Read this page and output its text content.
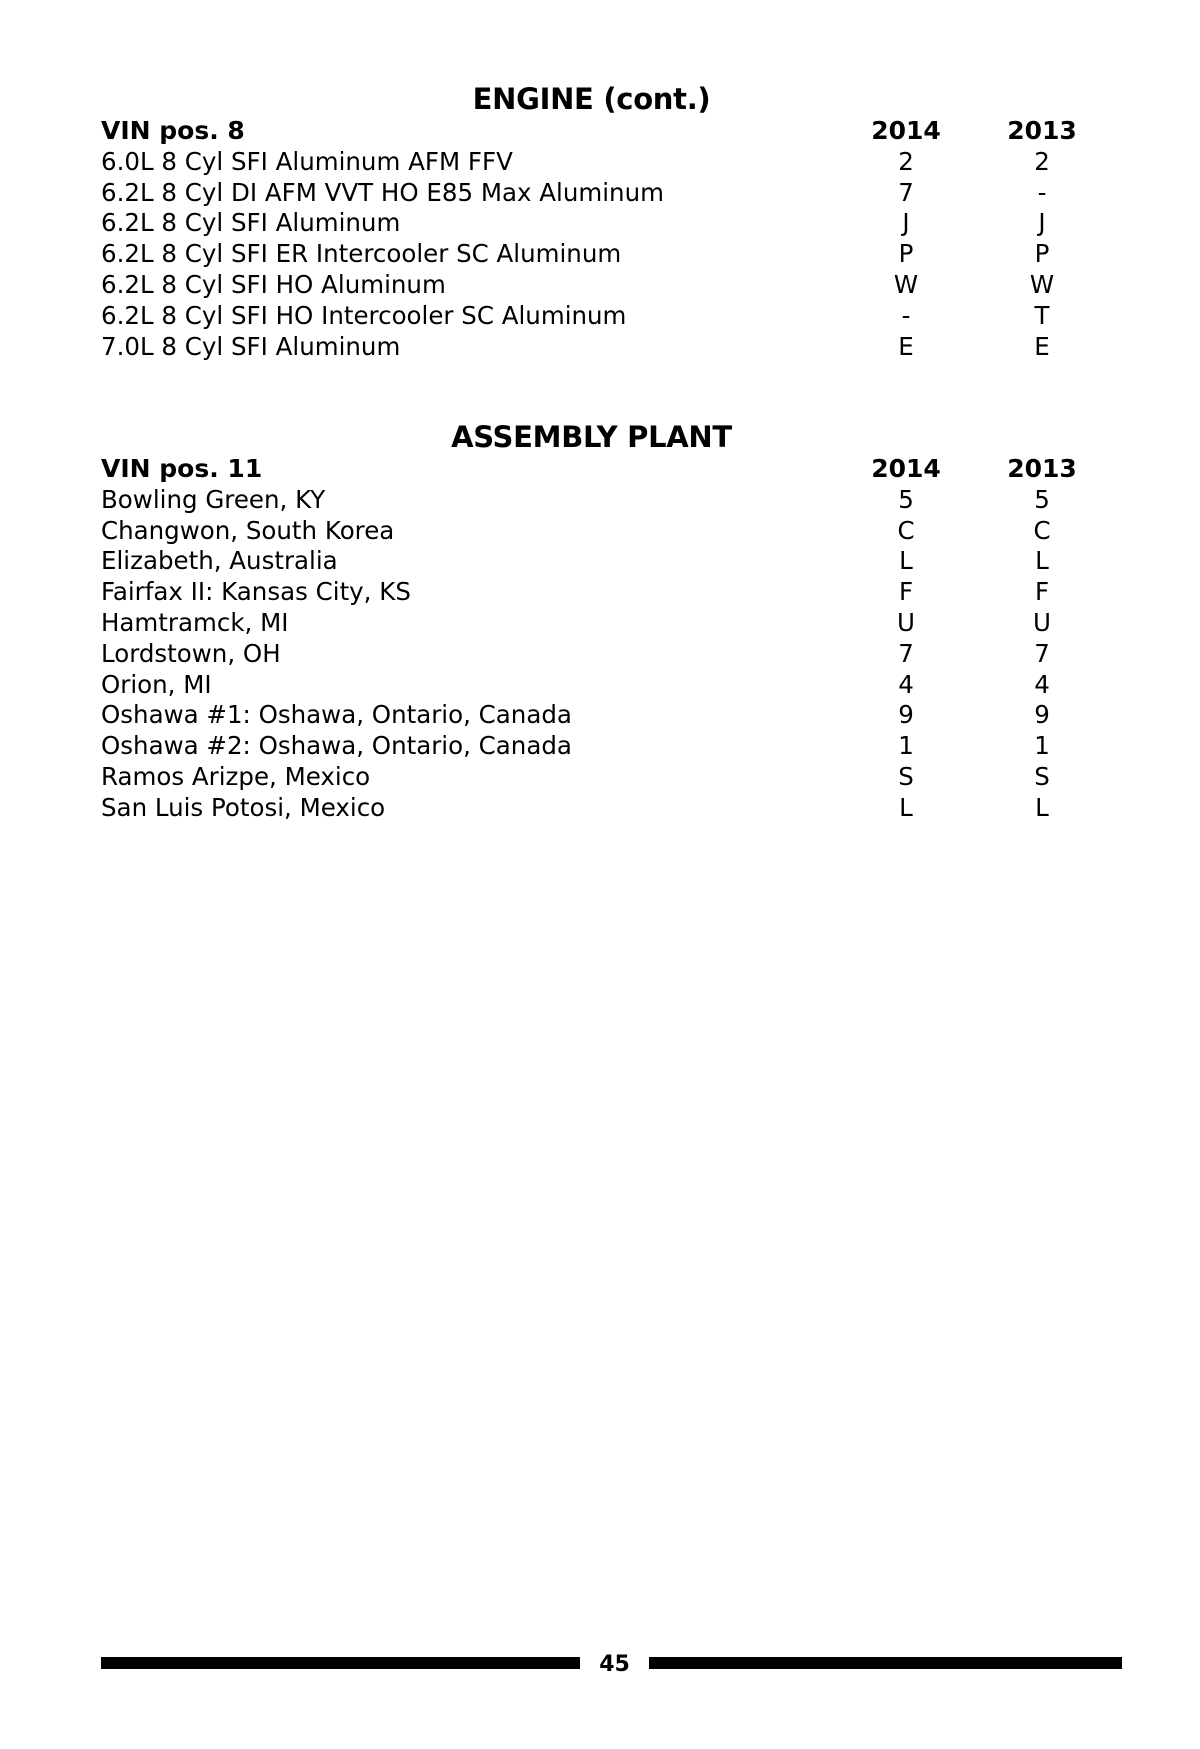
ENGINE (cont.)
VIN pos. 8	2014	2013
6.0L 8 Cyl SFI Aluminum AFM FFV	2	2
6.2L 8 Cyl DI AFM VVT HO E85 Max Aluminum	7	-
6.2L 8 Cyl SFI Aluminum	J	J
6.2L 8 Cyl SFI ER Intercooler SC Aluminum	P	P
6.2L 8 Cyl SFI HO Aluminum	W	W
6.2L 8 Cyl SFI HO Intercooler SC Aluminum	-	T
7.0L 8 Cyl SFI Aluminum	E	E
ASSEMBLY PLANT
VIN pos. 11	2014	2013
Bowling Green, KY	5	5
Changwon, South Korea	C	C
Elizabeth, Australia	L	L
Fairfax II: Kansas City, KS	F	F
Hamtramck, MI	U	U
Lordstown, OH	7	7
Orion, MI	4	4
Oshawa #1: Oshawa, Ontario, Canada	9	9
Oshawa #2: Oshawa, Ontario, Canada	1	1
Ramos Arizpe, Mexico	S	S
San Luis Potosi, Mexico	L	L
45
